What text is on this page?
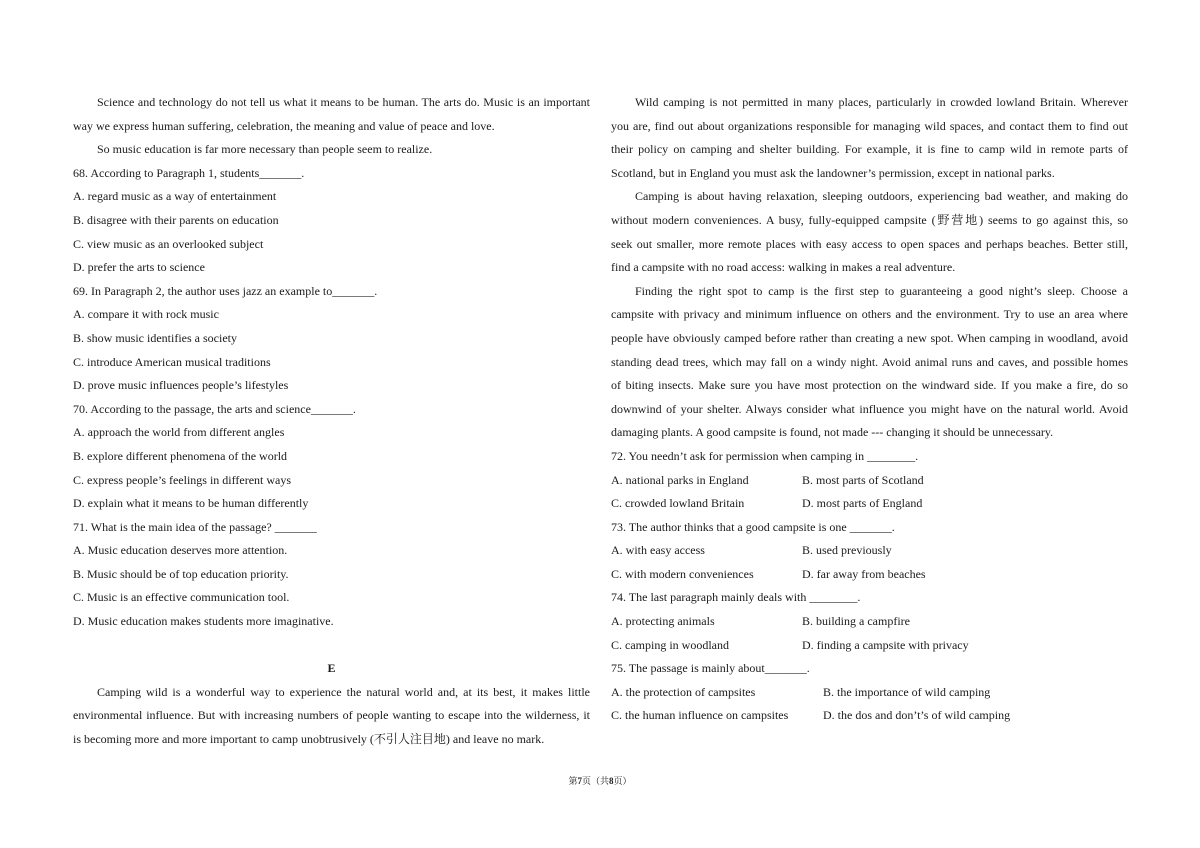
Science and technology do not tell us what it means to be human. The arts do. Music is an important
way we express human suffering, celebration, the meaning and value of peace and love.
So music education is far more necessary than people seem to realize.
68. According to Paragraph 1, students_______.
A. regard music as a way of entertainment
B. disagree with their parents on education
C. view music as an overlooked subject
D. prefer the arts to science
69. In Paragraph 2, the author uses jazz an example to_______.
A. compare it with rock music
B. show music identifies a society
C. introduce American musical traditions
D. prove music influences people’s lifestyles
70. According to the passage, the arts and science_______.
A. approach the world from different angles
B. explore different phenomena of the world
C. express people’s feelings in different ways
D. explain what it means to be human differently
71. What is the main idea of the passage? _______
A. Music education deserves more attention.
B. Music should be of top education priority.
C. Music is an effective communication tool.
D. Music education makes students more imaginative.
E
Camping wild is a wonderful way to experience the natural world and, at its best, it makes little
environmental influence. But with increasing numbers of people wanting to escape into the wilderness, it
is becoming more and more important to camp unobtrusively (不引人注目地) and leave no mark.
Wild camping is not permitted in many places, particularly in crowded lowland Britain. Wherever
you are, find out about organizations responsible for managing wild spaces, and contact them to find out
their policy on camping and shelter building. For example, it is fine to camp wild in remote parts of
Scotland, but in England you must ask the landowner’s permission, except in national parks.
Camping is about having relaxation, sleeping outdoors, experiencing bad weather, and making do
without modern conveniences. A busy, fully-equipped campsite (野营地) seems to go against this, so
seek out smaller, more remote places with easy access to open spaces and perhaps beaches. Better still,
find a campsite with no road access: walking in makes a real adventure.
Finding the right spot to camp is the first step to guaranteeing a good night’s sleep. Choose a
campsite with privacy and minimum influence on others and the environment. Try to use an area where
people have obviously camped before rather than creating a new spot. When camping in woodland, avoid
standing dead trees, which may fall on a windy night. Avoid animal runs and caves, and possible homes
of biting insects. Make sure you have most protection on the windward side. If you make a fire, do so
downwind of your shelter. Always consider what influence you might have on the natural world. Avoid
damaging plants. A good campsite is found, not made --- changing it should be unnecessary.
72. You needn’t ask for permission when camping in ________.
A. national parks in England	B. most parts of Scotland
C. crowded lowland Britain	D. most parts of England
73. The author thinks that a good campsite is one _______.
A. with easy access	B. used previously
C. with modern conveniences	D. far away from beaches
74. The last paragraph mainly deals with ________.
A. protecting animals	B. building a campfire
C. camping in woodland	D. finding a campsite with privacy
75. The passage is mainly about_______.
A. the protection of campsites	B. the importance of wild camping
C. the human influence on campsites	D. the dos and don’t’s of wild camping
第7页（共8页）
